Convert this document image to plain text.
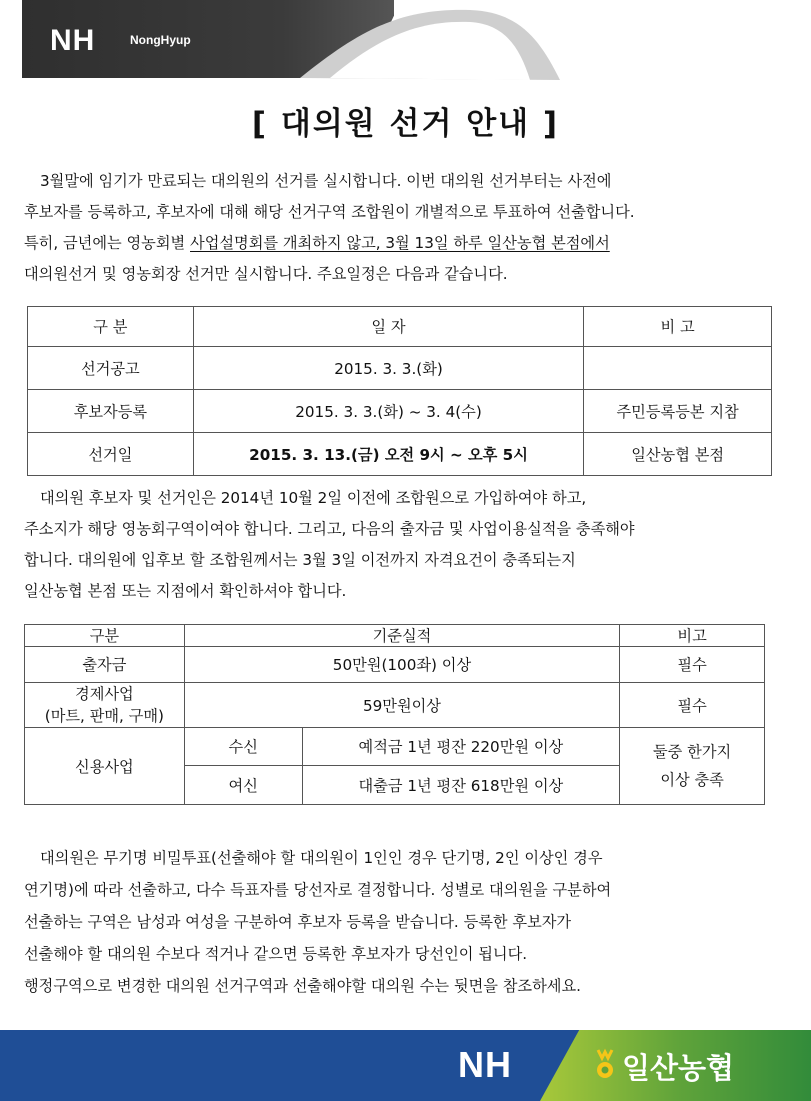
NH	NongHyup
[ 대의원 선거 안내 ]
3월말에 임기가 만료되는 대의원의 선거를 실시합니다. 이번 대의원 선거부터는 사전에
후보자를 등록하고, 후보자에 대해 해당 선거구역 조합원이 개별적으로 투표하여 선출합니다.
특히, 금년에는 영농회별 사업설명회를 개최하지 않고, 3월 13일 하루 일산농협 본점에서
대의원선거 및 영농회장 선거만 실시합니다. 주요일정은 다음과 같습니다.
구 분	일 자	비 고
선거공고	2015. 3. 3.(화)	
후보자등록	2015. 3. 3.(화) ~ 3. 4(수)	주민등록등본 지참
선거일	2015. 3. 13.(금) 오전 9시 ~ 오후 5시	일산농협 본점
대의원 후보자 및 선거인은 2014년 10월 2일 이전에 조합원으로 가입하여야 하고,
주소지가 해당 영농회구역이여야 합니다. 그리고, 다음의 출자금 및 사업이용실적을 충족해야
합니다. 대의원에 입후보 할 조합원께서는 3월 3일 이전까지 자격요건이 충족되는지
일산농협 본점 또는 지점에서 확인하셔야 합니다.
구분	기준실적		비고
출자금	50만원(100좌) 이상		필수

경제사업
(마트, 판매, 구매)	59만원이상		필수
신용사업	수신	예적금 1년 평잔 220만원 이상	둘중 한가지
이상 충족

	여신	대출금 1년 평잔 618만원 이상	
대의원은 무기명 비밀투표(선출해야 할 대의원이 1인인 경우 단기명, 2인 이상인 경우
연기명)에 따라 선출하고, 다수 득표자를 당선자로 결정합니다. 성별로 대의원을 구분하여
선출하는 구역은 남성과 여성을 구분하여 후보자 등록을 받습니다. 등록한 후보자가
선출해야 할 대의원 수보다 적거나 같으면 등록한 후보자가 당선인이 됩니다.
행정구역으로 변경한 대의원 선거구역과 선출해야할 대의원 수는 뒷면을 참조하세요.
NH	일산농협
